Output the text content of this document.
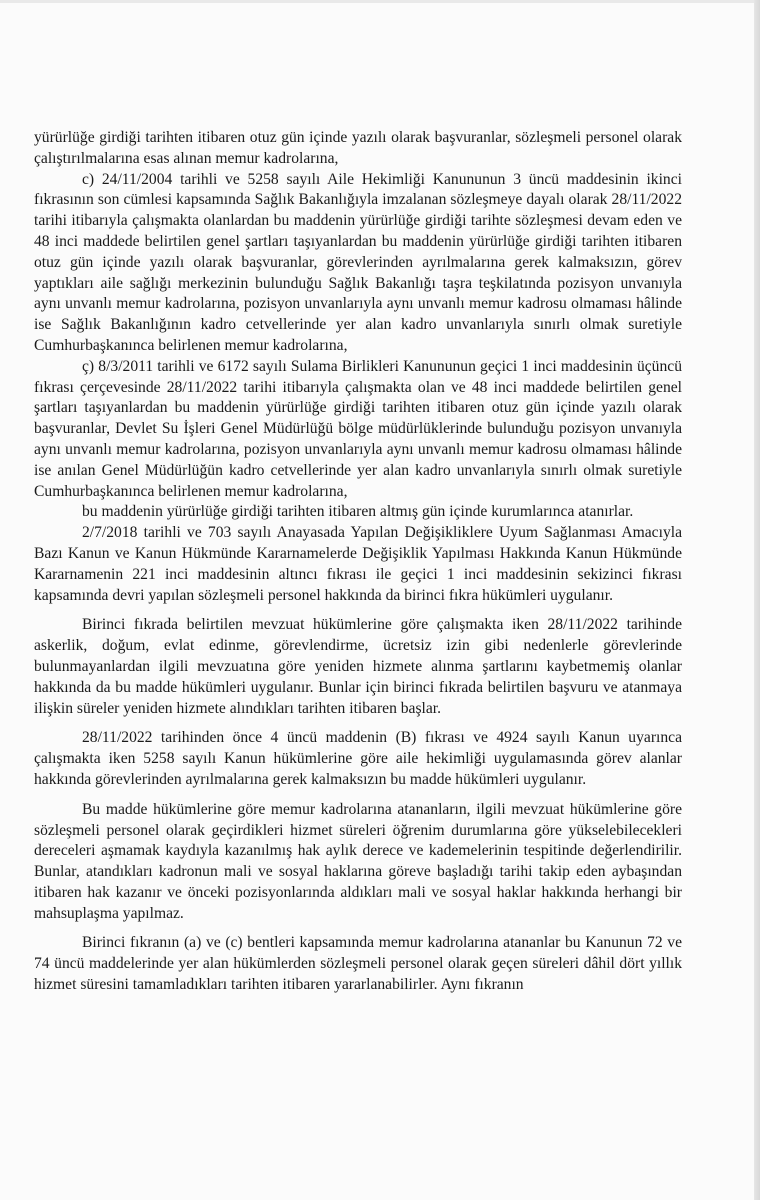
yürürlüğe girdiği tarihten itibaren otuz gün içinde yazılı olarak başvuranlar, sözleşmeli personel olarak çalıştırılmalarına esas alınan memur kadrolarına,

c) 24/11/2004 tarihli ve 5258 sayılı Aile Hekimliği Kanununun 3 üncü maddesinin ikinci fıkrasının son cümlesi kapsamında Sağlık Bakanlığıyla imzalanan sözleşmeye dayalı olarak 28/11/2022 tarihi itibarıyla çalışmakta olanlardan bu maddenin yürürlüğe girdiği tarihte sözleşmesi devam eden ve 48 inci maddede belirtilen genel şartları taşıyanlardan bu maddenin yürürlüğe girdiği tarihten itibaren otuz gün içinde yazılı olarak başvuranlar, görevlerinden ayrılmalarına gerek kalmaksızın, görev yaptıkları aile sağlığı merkezinin bulunduğu Sağlık Bakanlığı taşra teşkilatında pozisyon unvanıyla aynı unvanlı memur kadrolarına, pozisyon unvanlarıyla aynı unvanlı memur kadrosu olmaması hâlinde ise Sağlık Bakanlığının kadro cetvellerinde yer alan kadro unvanlarıyla sınırlı olmak suretiyle Cumhurbaşkanınca belirlenen memur kadrolarına,

ç) 8/3/2011 tarihli ve 6172 sayılı Sulama Birlikleri Kanununun geçici 1 inci maddesinin üçüncü fıkrası çerçevesinde 28/11/2022 tarihi itibarıyla çalışmakta olan ve 48 inci maddede belirtilen genel şartları taşıyanlardan bu maddenin yürürlüğe girdiği tarihten itibaren otuz gün içinde yazılı olarak başvuranlar, Devlet Su İşleri Genel Müdürlüğü bölge müdürlüklerinde bulunduğu pozisyon unvanıyla aynı unvanlı memur kadrolarına, pozisyon unvanlarıyla aynı unvanlı memur kadrosu olmaması hâlinde ise anılan Genel Müdürlüğün kadro cetvellerinde yer alan kadro unvanlarıyla sınırlı olmak suretiyle Cumhurbaşkanınca belirlenen memur kadrolarına,

bu maddenin yürürlüğe girdiği tarihten itibaren altmış gün içinde kurumlarınca atanırlar.

2/7/2018 tarihli ve 703 sayılı Anayasada Yapılan Değişikliklere Uyum Sağlanması Amacıyla Bazı Kanun ve Kanun Hükmünde Kararnamelerde Değişiklik Yapılması Hakkında Kanun Hükmünde Kararnamenin 221 inci maddesinin altıncı fıkrası ile geçici 1 inci maddesinin sekizinci fıkrası kapsamında devri yapılan sözleşmeli personel hakkında da birinci fıkra hükümleri uygulanır.

Birinci fıkrada belirtilen mevzuat hükümlerine göre çalışmakta iken 28/11/2022 tarihinde askerlik, doğum, evlat edinme, görevlendirme, ücretsiz izin gibi nedenlerle görevlerinde bulunmayanlardan ilgili mevzuatına göre yeniden hizmete alınma şartlarını kaybetmemiş olanlar hakkında da bu madde hükümleri uygulanır. Bunlar için birinci fıkrada belirtilen başvuru ve atanmaya ilişkin süreler yeniden hizmete alındıkları tarihten itibaren başlar.

28/11/2022 tarihinden önce 4 üncü maddenin (B) fıkrası ve 4924 sayılı Kanun uyarınca çalışmakta iken 5258 sayılı Kanun hükümlerine göre aile hekimliği uygulamasında görev alanlar hakkında görevlerinden ayrılmalarına gerek kalmaksızın bu madde hükümleri uygulanır.

Bu madde hükümlerine göre memur kadrolarına atananların, ilgili mevzuat hükümlerine göre sözleşmeli personel olarak geçirdikleri hizmet süreleri öğrenim durumlarına göre yükselebilecekleri dereceleri aşmamak kaydıyla kazanılmış hak aylık derece ve kademelerinin tespitinde değerlendirilir. Bunlar, atandıkları kadronun mali ve sosyal haklarına göreve başladığı tarihi takip eden aybaşından itibaren hak kazanır ve önceki pozisyonlarında aldıkları mali ve sosyal haklar hakkında herhangi bir mahsuplaşma yapılmaz.

Birinci fıkranın (a) ve (c) bentleri kapsamında memur kadrolarına atananlar bu Kanunun 72 ve 74 üncü maddelerinde yer alan hükümlerden sözleşmeli personel olarak geçen süreleri dâhil dört yıllık hizmet süresini tamamladıkları tarihten itibaren yararlanabilirler. Aynı fıkranın
